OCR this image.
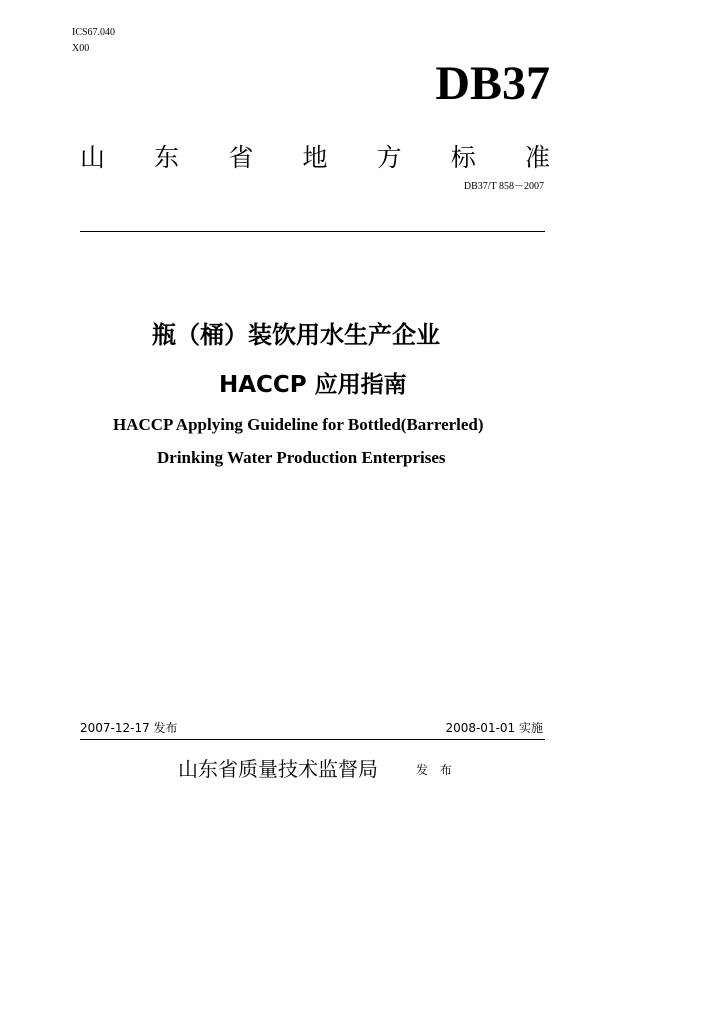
ICS67.040
X00
DB37
山 东 省 地 方 标 准
DB37/T 858－2007
瓶（桶）装饮用水生产企业
HACCP 应用指南
HACCP Applying Guideline for Bottled(Barrerled)
Drinking Water Production Enterprises
2007-12-17 发布	2008-01-01 实施
山东省质量技术监督局	发 布
